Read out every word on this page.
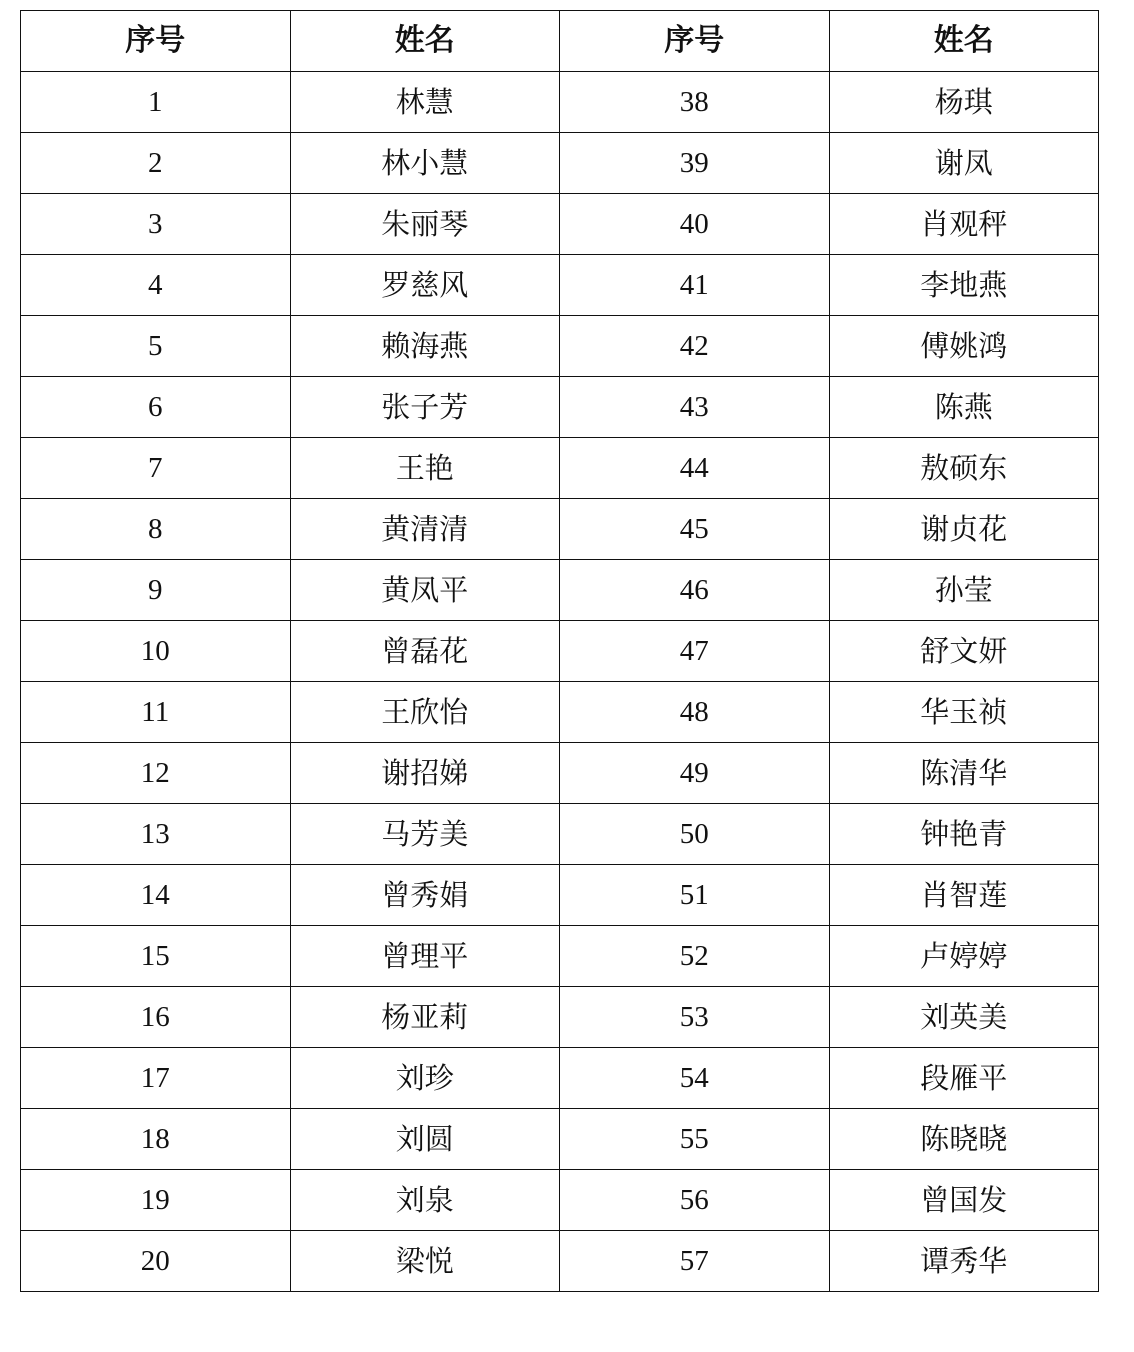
序号	姓名	序号	姓名
1	林慧	38	杨琪
2	林小慧	39	谢凤
3	朱丽琴	40	肖观秤
4	罗慈风	41	李地燕
5	赖海燕	42	傅姚鸿
6	张子芳	43	陈燕
7	王艳	44	敖硕东
8	黄清清	45	谢贞花
9	黄凤平	46	孙莹
10	曾磊花	47	舒文妍
11	王欣怡	48	华玉祯
12	谢招娣	49	陈清华
13	马芳美	50	钟艳青
14	曾秀娟	51	肖智莲
15	曾理平	52	卢婷婷
16	杨亚莉	53	刘英美
17	刘珍	54	段雁平
18	刘圆	55	陈晓晓
19	刘泉	56	曾国发
20	梁悦	57	谭秀华
